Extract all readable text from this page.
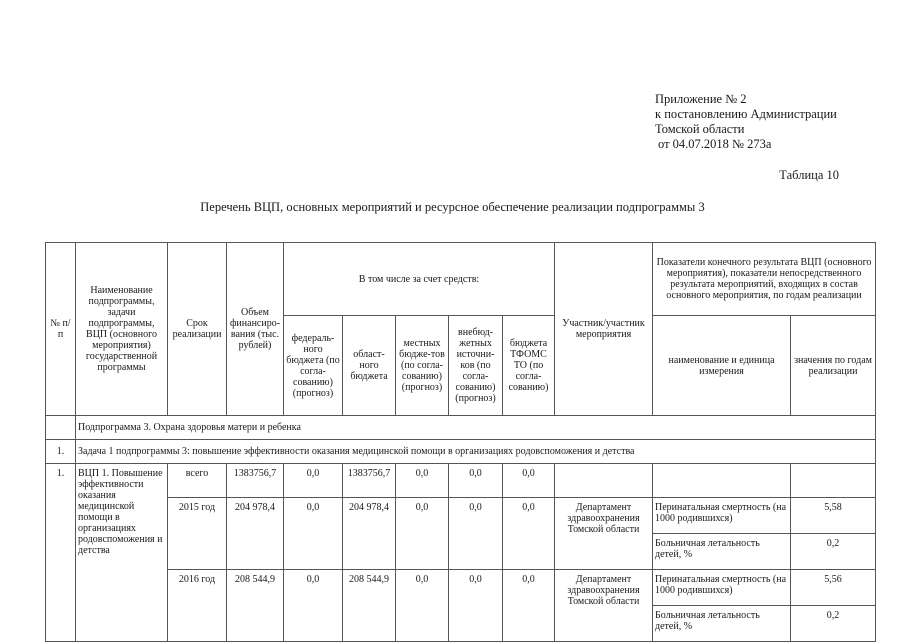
Приложение № 2
к постановлению Администрации
Томской области
от 04.07.2018 № 273а
Таблица 10
Перечень ВЦП, основных мероприятий и ресурсное обеспечение реализации подпрограммы 3
№ п/п	Наименование подпрограммы, задачи подпрограммы, ВЦП (основного мероприятия) государственной программы	Срок реализации	Объем финансиро-вания (тыс. рублей)	В том числе за счет средств:					Участник/участник мероприятия	Показатели конечного результата ВЦП (основного мероприятия), показатели непосредственного результата мероприятий, входящих в состав основного мероприятия, по годам реализации	
				федераль-ного бюджета (по согла-сованию) (прогноз)	област-ного бюджета	местных бюдже-тов (по согла-сованию) (прогноз)	внебюд-жетных источни-ков (по согла-сованию) (прогноз)	бюджета ТФОМС ТО (по согла-сованию)		наименование и единица измерения	значения по годам реализации
	Подпрограмма 3. Охрана здоровья матери и ребенка										
1.	Задача 1 подпрограммы 3: повышение эффективности оказания медицинской помощи в организациях родовспоможения и детства										
1.	ВЦП 1. Повышение эффективности оказания медицинской помощи в организациях родовспоможения и детства	всего	1383756,7	0,0	1383756,7	0,0	0,0	0,0			
		2015 год	204 978,4	0,0	204 978,4	0,0	0,0	0,0	Департамент здравоохранения Томской области	Перинатальная смертность (на 1000 родившихся)	5,58
										Больничная летальность детей, %	0,2
		2016 год	208 544,9	0,0	208 544,9	0,0	0,0	0,0	Департамент здравоохранения Томской области	Перинатальная смертность (на 1000 родившихся)	5,56
										Больничная летальность детей, %	0,2
